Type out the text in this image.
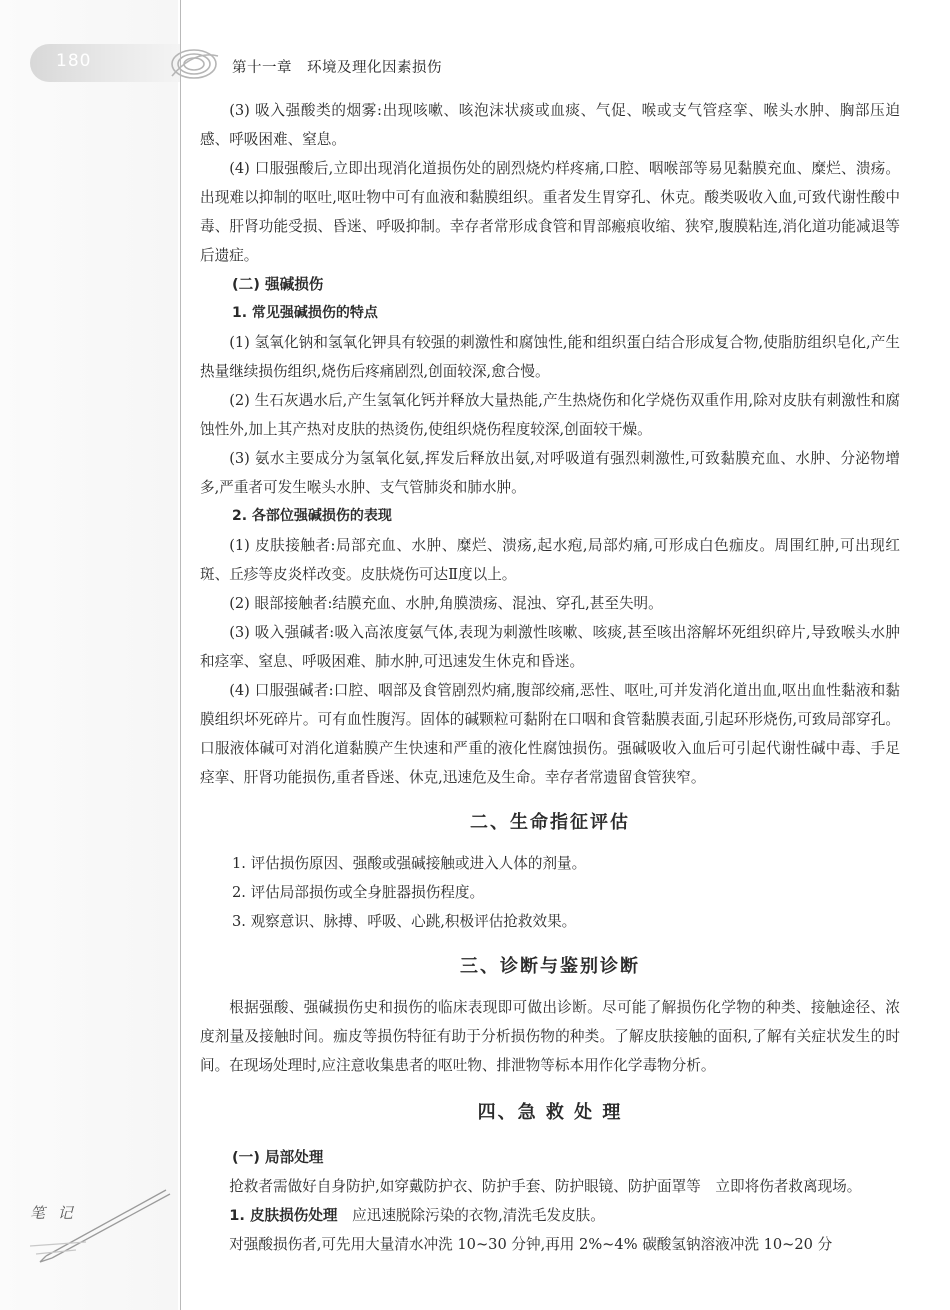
180	第十一章　环境及理化因素损伤

(3) 吸入强酸类的烟雾:出现咳嗽、咳泡沫状痰或血痰、气促、喉或支气管痉挛、喉头水肿、胸部压迫感、呼吸困难、窒息。

(4) 口服强酸后,立即出现消化道损伤处的剧烈烧灼样疼痛,口腔、咽喉部等易见黏膜充血、糜烂、溃疡。出现难以抑制的呕吐,呕吐物中可有血液和黏膜组织。重者发生胃穿孔、休克。酸类吸收入血,可致代谢性酸中毒、肝肾功能受损、昏迷、呼吸抑制。幸存者常形成食管和胃部瘢痕收缩、狭窄,腹膜粘连,消化道功能减退等后遗症。

(二) 强碱损伤
1. 常见强碱损伤的特点

(1) 氢氧化钠和氢氧化钾具有较强的刺激性和腐蚀性,能和组织蛋白结合形成复合物,使脂肪组织皂化,产生热量继续损伤组织,烧伤后疼痛剧烈,创面较深,愈合慢。

(2) 生石灰遇水后,产生氢氧化钙并释放大量热能,产生热烧伤和化学烧伤双重作用,除对皮肤有刺激性和腐蚀性外,加上其产热对皮肤的热烫伤,使组织烧伤程度较深,创面较干燥。

(3) 氨水主要成分为氢氧化氨,挥发后释放出氨,对呼吸道有强烈刺激性,可致黏膜充血、水肿、分泌物增多,严重者可发生喉头水肿、支气管肺炎和肺水肿。

2. 各部位强碱损伤的表现

(1) 皮肤接触者:局部充血、水肿、糜烂、溃疡,起水疱,局部灼痛,可形成白色痂皮。周围红肿,可出现红斑、丘疹等皮炎样改变。皮肤烧伤可达Ⅱ度以上。

(2) 眼部接触者:结膜充血、水肿,角膜溃疡、混浊、穿孔,甚至失明。

(3) 吸入强碱者:吸入高浓度氨气体,表现为刺激性咳嗽、咳痰,甚至咳出溶解坏死组织碎片,导致喉头水肿和痉挛、窒息、呼吸困难、肺水肿,可迅速发生休克和昏迷。

(4) 口服强碱者:口腔、咽部及食管剧烈灼痛,腹部绞痛,恶性、呕吐,可并发消化道出血,呕出血性黏液和黏膜组织坏死碎片。可有血性腹泻。固体的碱颗粒可黏附在口咽和食管黏膜表面,引起环形烧伤,可致局部穿孔。口服液体碱可对消化道黏膜产生快速和严重的液化性腐蚀损伤。强碱吸收入血后可引起代谢性碱中毒、手足痉挛、肝肾功能损伤,重者昏迷、休克,迅速危及生命。幸存者常遗留食管狭窄。

二、生命指征评估
1. 评估损伤原因、强酸或强碱接触或进入人体的剂量。
2. 评估局部损伤或全身脏器损伤程度。
3. 观察意识、脉搏、呼吸、心跳,积极评估抢救效果。
三、诊断与鉴别诊断

根据强酸、强碱损伤史和损伤的临床表现即可做出诊断。尽可能了解损伤化学物的种类、接触途径、浓度剂量及接触时间。痂皮等损伤特征有助于分析损伤物的种类。了解皮肤接触的面积,了解有关症状发生的时间。在现场处理时,应注意收集患者的呕吐物、排泄物等标本用作化学毒物分析。

四、急 救 处 理
(一) 局部处理

抢救者需做好自身防护,如穿戴防护衣、防护手套、防护眼镜、防护面罩等　立即将伤者救离现场。

1. 皮肤损伤处理　应迅速脱除污染的衣物,清洗毛发皮肤。

对强酸损伤者,可先用大量清水冲洗 10~30 分钟,再用 2%~4% 碳酸氢钠溶液冲洗 10~20 分

笔 记
